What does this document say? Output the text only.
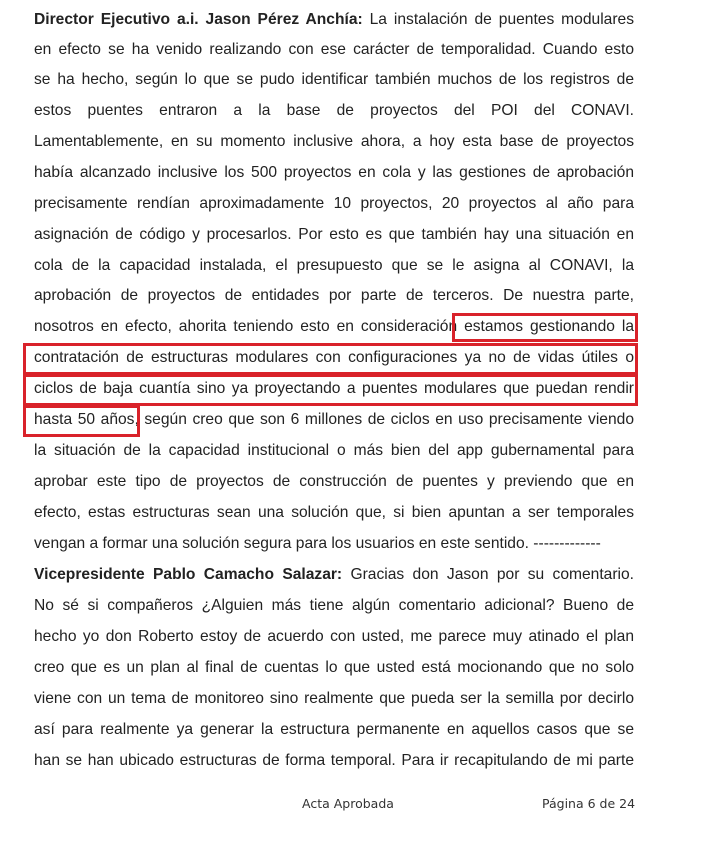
Director Ejecutivo a.i. Jason Pérez Anchía: La instalación de puentes modulares
en efecto se ha venido realizando con ese carácter de temporalidad. Cuando esto
se ha hecho, según lo que se pudo identificar también muchos de los registros de
estos puentes entraron a la base de proyectos del POI del CONAVI.
Lamentablemente, en su momento inclusive ahora, a hoy esta base de proyectos
había alcanzado inclusive los 500 proyectos en cola y las gestiones de aprobación
precisamente rendían aproximadamente 10 proyectos, 20 proyectos al año para
asignación de código y procesarlos. Por esto es que también hay una situación en
cola de la capacidad instalada, el presupuesto que se le asigna al CONAVI, la
aprobación de proyectos de entidades por parte de terceros. De nuestra parte,
nosotros en efecto, ahorita teniendo esto en consideración estamos gestionando la
contratación de estructuras modulares con configuraciones ya no de vidas útiles o
ciclos de baja cuantía sino ya proyectando a puentes modulares que puedan rendir
hasta 50 años, según creo que son 6 millones de ciclos en uso precisamente viendo
la situación de la capacidad institucional o más bien del app gubernamental para
aprobar este tipo de proyectos de construcción de puentes y previendo que en
efecto, estas estructuras sean una solución que, si bien apuntan a ser temporales
vengan a formar una solución segura para los usuarios en este sentido. -------------
Vicepresidente Pablo Camacho Salazar: Gracias don Jason por su comentario.
No sé si compañeros ¿Alguien más tiene algún comentario adicional? Bueno de
hecho yo don Roberto estoy de acuerdo con usted, me parece muy atinado el plan
creo que es un plan al final de cuentas lo que usted está mocionando que no solo
viene con un tema de monitoreo sino realmente que pueda ser la semilla por decirlo
así para realmente ya generar la estructura permanente en aquellos casos que se
han se han ubicado estructuras de forma temporal. Para ir recapitulando de mi parte
Acta Aprobada	Página 6 de 24
